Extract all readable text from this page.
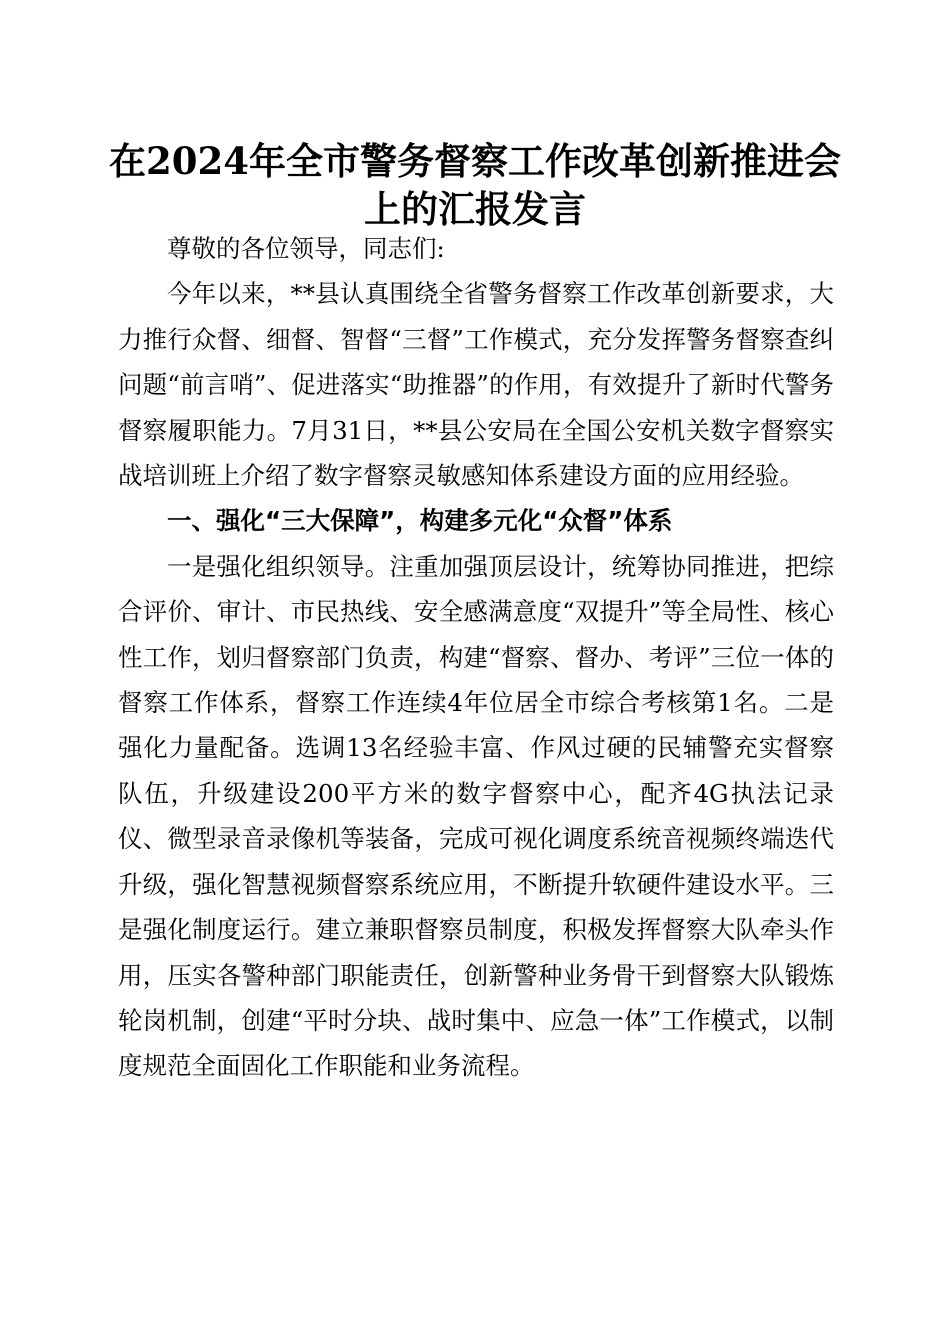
在2024年全市警务督察工作改革创新推进会
上的汇报发言

尊敬的各位领导，同志们:

今年以来，**县认真围绕全省警务督察工作改革创新要求，大力推行众督、细督、智督“三督”工作模式，充分发挥警务督察查纠问题“前言哨”、促进落实“助推器”的作用，有效提升了新时代警务督察履职能力。7月31日，**县公安局在全国公安机关数字督察实战培训班上介绍了数字督察灵敏感知体系建设方面的应用经验。

一、强化“三大保障”，构建多元化“众督”体系

一是强化组织领导。注重加强顶层设计，统筹协同推进，把综合评价、审计、市民热线、安全感满意度“双提升”等全局性、核心性工作，划归督察部门负责，构建“督察、督办、考评”三位一体的督察工作体系，督察工作连续4年位居全市综合考核第1名。二是强化力量配备。选调13名经验丰富、作风过硬的民辅警充实督察队伍，升级建设200平方米的数字督察中心，配齐4G执法记录仪、微型录音录像机等装备，完成可视化调度系统音视频终端迭代升级，强化智慧视频督察系统应用，不断提升软硬件建设水平。三是强化制度运行。建立兼职督察员制度，积极发挥督察大队牵头作用，压实各警种部门职能责任，创新警种业务骨干到督察大队锻炼轮岗机制，创建“平时分块、战时集中、应急一体”工作模式，以制度规范全面固化工作职能和业务流程。
